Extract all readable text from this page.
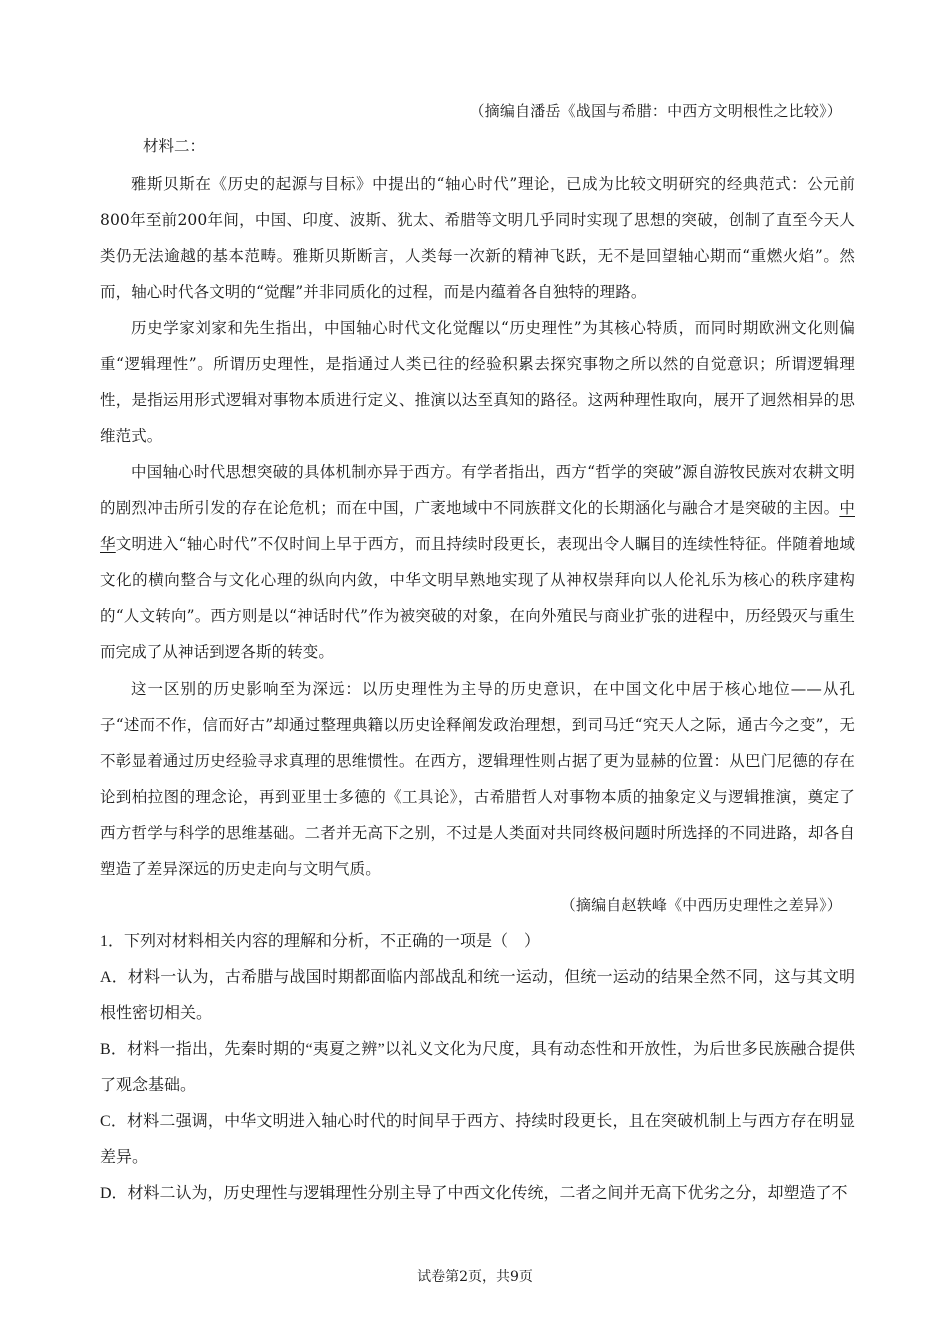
（摘编自潘岳《战国与希腊：中西方文明根性之比较》）
材料二：
雅斯贝斯在《历史的起源与目标》中提出的“轴心时代”理论，已成为比较文明研究的经典范式：公元前800年至前200年间，中国、印度、波斯、犹太、希腊等文明几乎同时实现了思想的突破，创制了直至今天人类仍无法逾越的基本范畴。雅斯贝斯断言，人类每一次新的精神飞跃，无不是回望轴心期而“重燃火焰”。然而，轴心时代各文明的“觉醒”并非同质化的过程，而是内蕴着各自独特的理路。
历史学家刘家和先生指出，中国轴心时代文化觉醒以“历史理性”为其核心特质，而同时期欧洲文化则偏重“逻辑理性”。所谓历史理性，是指通过人类已往的经验积累去探究事物之所以然的自觉意识；所谓逻辑理性，是指运用形式逻辑对事物本质进行定义、推演以达至真知的路径。这两种理性取向，展开了迥然相异的思维范式。
中国轴心时代思想突破的具体机制亦异于西方。有学者指出，西方“哲学的突破”源自游牧民族对农耕文明的剧烈冲击所引发的存在论危机；而在中国，广袤地域中不同族群文化的长期涵化与融合才是突破的主因。中华文明进入“轴心时代”不仅时间上早于西方，而且持续时段更长，表现出令人瞩目的连续性特征。伴随着地域文化的横向整合与文化心理的纵向内敛，中华文明早熟地实现了从神权崇拜向以人伦礼乐为核心的秩序建构的“人文转向”。西方则是以“神话时代”作为被突破的对象，在向外殖民与商业扩张的进程中，历经毁灭与重生而完成了从神话到逻各斯的转变。
这一区别的历史影响至为深远：以历史理性为主导的历史意识，在中国文化中居于核心地位——从孔子“述而不作，信而好古”却通过整理典籍以历史诠释阐发政治理想，到司马迁“究天人之际，通古今之变”，无不彰显着通过历史经验寻求真理的思维惯性。在西方，逻辑理性则占据了更为显赫的位置：从巴门尼德的存在论到柏拉图的理念论，再到亚里士多德的《工具论》，古希腊哲人对事物本质的抽象定义与逻辑推演，奠定了西方哲学与科学的思维基础。二者并无高下之别，不过是人类面对共同终极问题时所选择的不同进路，却各自塑造了差异深远的历史走向与文明气质。
（摘编自赵轶峰《中西历史理性之差异》）
1．下列对材料相关内容的理解和分析，不正确的一项是（　）
A．材料一认为，古希腊与战国时期都面临内部战乱和统一运动，但统一运动的结果全然不同，这与其文明根性密切相关。
B．材料一指出，先秦时期的“夷夏之辨”以礼义文化为尺度，具有动态性和开放性，为后世多民族融合提供了观念基础。
C．材料二强调，中华文明进入轴心时代的时间早于西方、持续时段更长，且在突破机制上与西方存在明显差异。
D．材料二认为，历史理性与逻辑理性分别主导了中西文化传统，二者之间并无高下优劣之分，却塑造了不
试卷第2页，共9页
